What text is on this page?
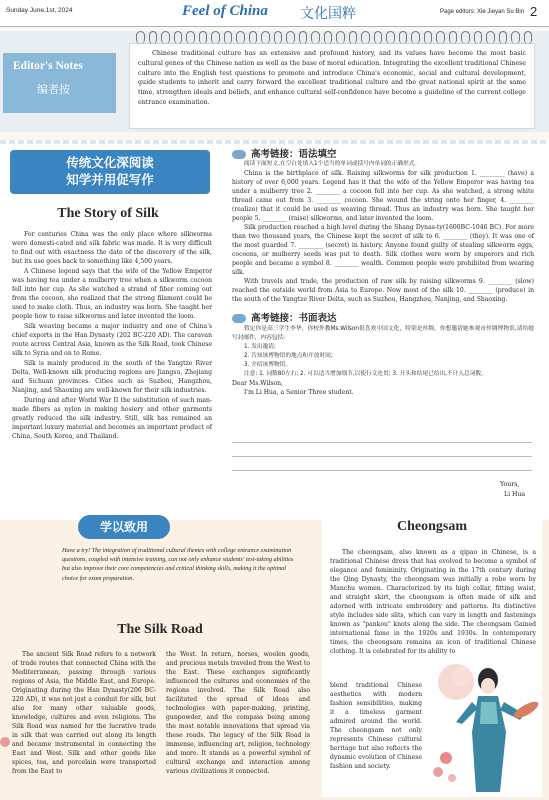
Sunday June.1st, 2024	Feel of China 文化国粹	Page editors: Xie Jieyan Su Bin 2
Editor's Notes
编者按
Chinese traditional culture has an extensive and profound history, and its values have become the most basic cultural genes of the Chinese nation as well as the base of moral education. Integrating the excellent traditional Chinese culture into the English test questions to promote and introduce China's economic, social and cultural development, guide students to inherit and carry forward the excellent traditional culture and the great national spirit at the same time, strengthen ideals and beliefs, and enhance cultural self-confidence have become a guideline of the current college entrance examination.
传统文化深阅读
知学并用促写作
The Story of Silk

For centuries China was the only place where silkworms were domesti-cated and silk fabric was made. It is very difficult to find out with exactness the date of the discovery of the silk, but its use goes back to something like 4,500 years.

A Chinese legend says that the wife of the Yellow Emperor was having tea under a mulberry tree when a silkworm cocoon fell into her cup. As she watched a strand of fiber coming out from the cocoon, she realized that the strong filament could be used to make cloth. Thus, an industry was born. She taught her people how to raise silkworms and later invented the loom.

Silk weaving became a major industry and one of China's chief exports in the Han Dynasty (202 BC-220 AD). The caravan route across Central Asia, known as the Silk Road, took Chinese silk to Syria and on to Rome.

Silk is mainly produced in the south of the Yangtze River Delta, Well-known silk producing regions are Jiangsu, Zhejiang and Sichuan provinces. Cities such as Suzhou, Hangzhou, Nanjing, and Shaoxing are well-known for their silk industries.

During and after World War II the substitution of such man-made fibers as nylon in making hosiery and other garments greatly reduced the silk industry. Still, silk has remained an important luxury material and becomes an important product of China, South Korea, and Thailand.

高考链接：语法填空

阅读下面短文,在空白处填入1个适当的单词或括号内单词的正确形式。

China is the birthplace of silk. Raising silkworms for silk production 1. ________ (have) a history of over 6,000 years. Legend has it that the wife of the Yellow Emperor was having tea under a mulberry tree 2. ________ a cocoon fell into her cup. As she watched, a strong white thread came out from 3. ________ cocoon. She wound the string onto her finger, 4. ________ (realize) that it could be used as weaving thread. Thus an industry was born. She taught her people 5. ________ (raise) silkworms, and later invented the loom.

Silk production reached a high level during the Shang Dynas-ty(1600BC-1046 BC). For more than two thousand years, the Chinese kept the secret of silk to 6. ________ (they). It was one of the most guarded 7. ________ (secret) in history. Anyone found guilty of stealing silkworm eggs, cocoons, or mulberry seeds was put to death. Silk clothes were worn by emperors and rich people and became a symbol 8. ________ wealth. Common people were prohibited from wearing silk.

With travels and trade, the production of raw silk by raising silkworms 9. ________ (slow) reached the outside world from Asia to Europe. Now most of the silk 10. ________ (produce) in the south of the Yangtze River Delta, such as Suzhou, Hangzhou, Nanjing, and Shaoxing.

高考链接：书面表达

假定你是高三学生李华，你校外教Ms.Wilson很喜欢中国文化，特别是丝绸，你想邀请她参观市丝绸博物馆,请给她写封邮件，内容包括:

1. 发出邀请;

2. 告知该博物馆的地点和开放时间;

3. 介绍该博物馆。

注意: 1. 词数80左右; 2. 可以适当增加细节,以使行文连贯; 3. 开头和结尾已给出,不计入总词数。

Dear Ms.Wilson,

I'm Li Hua, a Senior Three student.

Yours,
Li Hua
学以致用
Have a try! The integration of traditional cultural themes with college entrance examination questions, coupled with intensive training, can not only enhance students' test-taking abilities but also improve their core competencies and critical thinking skills, making it the optimal choice for exam preparation.
The Silk Road

The ancient Silk Road refers to a network of trade routes that connected China with the Mediterranean, passing through various regions of Asia, the Middle East, and Europe. Originating during the Han Dynasty(206 BC- 220 AD), it was not just a conduit for silk, but also for many other valuable goods, knowledge, cultures and even religions. The Silk Road was named for the lucrative trade in silk that was carried out along its length and became instrumental in connecting the East and West. Silk and other goods like spices, tea, and porcelain were transported from the East to

the West. In return, horses, woolen goods, and precious metals traveled from the West to the East. These exchanges significantly influenced the cultures and economies of the regions involved. The Silk Road also facilitated the spread of ideas and technologies with paper-making, printing, gunpowder, and the compass being among the most notable innovations that spread via these roads. The legacy of the Silk Road is immense, influencing art, religion, technology and more. It stands as a powerful symbol of cultural exchange and interaction among various civilizations it connected.

Cheongsam

The cheongsam, also known as a qipao in Chinese, is a traditional Chinese dress that has evolved to become a symbol of elegance and femininity. Originating in the 17th century during the Qing Dynasty, the cheongsam was initially a robe worn by Manchu women. Characterized by its high collar, fitting waist, and straight skirt, the cheongsam is often made of silk and adorned with intricate embroidery and patterns. Its distinctive style includes side slits, which can vary in length and fastenings known as "pankou" knots along the side. The cheongsam Gained international fame in the 1920s and 1930s. In contemporary times, the cheongsam remains an icon of traditional Chinese clothing. It is celebrated for its ability to

blend traditional Chinese aesthetics with modern fashion sensibilities, making it a timeless garment admired around the world. The cheongsam not only represents Chinese cultural heritage but also reflects the dynamic evolution of Chinese fashion and society.
